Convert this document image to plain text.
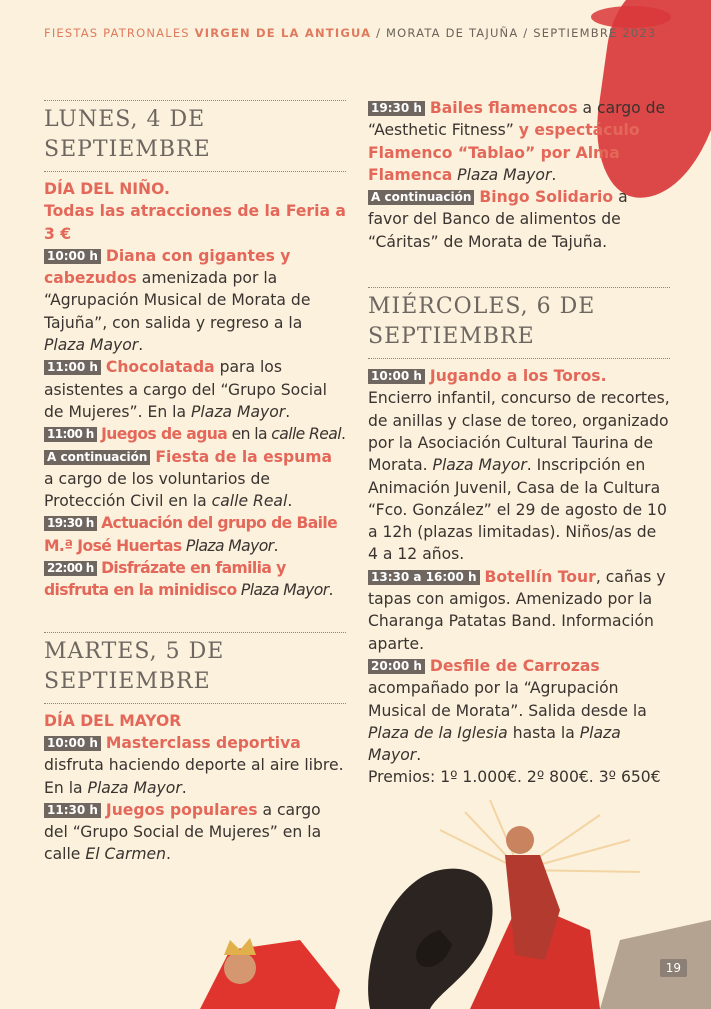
FIESTAS PATRONALES VIRGEN DE LA ANTIGUA / MORATA DE TAJUÑA / SEPTIEMBRE 2023
LUNES, 4 DE SEPTIEMBRE

DÍA DEL NIÑO.

Todas las atracciones de la Feria a 3 €

10:00 h Diana con gigantes y cabezudos amenizada por la “Agrupación Musical de Morata de Tajuña”, con salida y regreso a la Plaza Mayor.

11:00 h Chocolatada para los asistentes a cargo del “Grupo Social de Mujeres”. En la Plaza Mayor.

11:00 h Juegos de agua en la calle Real.

A continuación Fiesta de la espuma a cargo de los voluntarios de Protección Civil en la calle Real.

19:30 h Actuación del grupo de Baile M.ª José Huertas Plaza Mayor.

22:00 h Disfrázate en familia y disfruta en la minidisco Plaza Mayor.

MARTES, 5 DE SEPTIEMBRE

DÍA DEL MAYOR

10:00 h Masterclass deportiva disfruta haciendo deporte al aire libre. En la Plaza Mayor.

11:30 h Juegos populares a cargo del “Grupo Social de Mujeres” en la calle El Carmen.

19:30 h Bailes flamencos a cargo de “Aesthetic Fitness” y espectáculo Flamenco “Tablao” por Alma Flamenca Plaza Mayor.

A continuación Bingo Solidario a favor del Banco de alimentos de “Cáritas” de Morata de Tajuña.

MIÉRCOLES, 6 DE SEPTIEMBRE

10:00 h Jugando a los Toros. Encierro infantil, concurso de recortes, de anillas y clase de toreo, organizado por la Asociación Cultural Taurina de Morata. Plaza Mayor. Inscripción en Animación Juvenil, Casa de la Cultura “Fco. González” el 29 de agosto de 10 a 12h (plazas limitadas). Niños/as de 4 a 12 años.

13:30 a 16:00 h Botellín Tour, cañas y tapas con amigos. Amenizado por la Charanga Patatas Band. Información aparte.

20:00 h Desfile de Carrozas acompañado por la “Agrupación Musical de Morata”. Salida desde la Plaza de la Iglesia hasta la Plaza Mayor.

Premios: 1º 1.000€. 2º 800€. 3º 650€

19
